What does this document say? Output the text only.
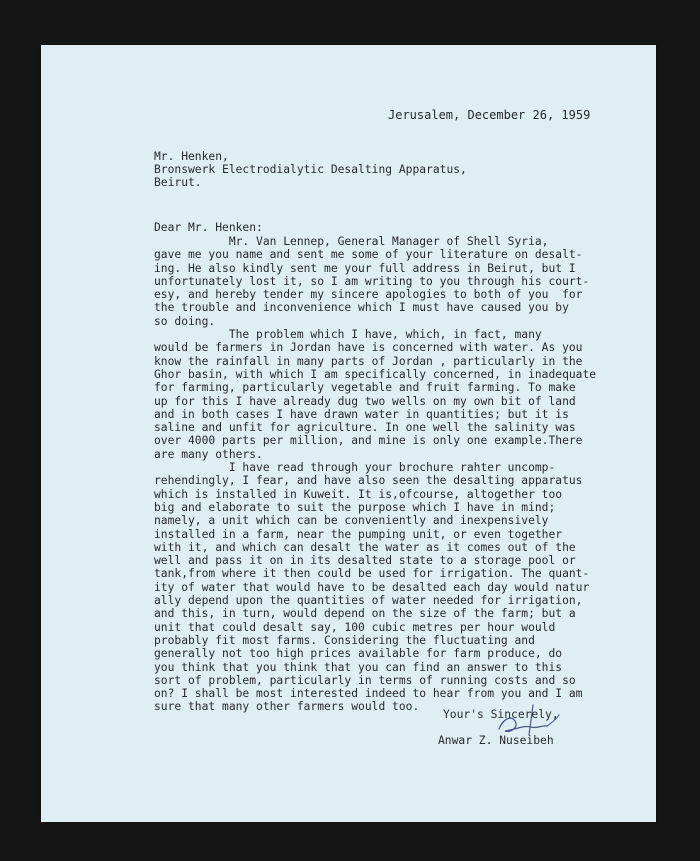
Jerusalem, December 26, 1959
Mr. Henken,
Bronswerk Electrodialytic Desalting Apparatus,
Beirut.
Dear Mr. Henken:
Mr. Van Lennep, General Manager of Shell Syria,
gave me you name and sent me some of your literature on desalt-
ing. He also kindly sent me your full address in Beirut, but I
unfortunately lost it, so I am writing to you through his court-
esy, and hereby tender my sincere apologies to both of you  for
the trouble and inconvenience which I must have caused you by
so doing.
The problem which I have, which, in fact, many
would be farmers in Jordan have is concerned with water. As you
know the rainfall in many parts of Jordan , particularly in the
Ghor basin, with which I am specifically concerned, in inadequate
for farming, particularly vegetable and fruit farming. To make
up for this I have already dug two wells on my own bit of land
and in both cases I have drawn water in quantities; but it is
saline and unfit for agriculture. In one well the salinity was
over 4000 parts per million, and mine is only one example.There
are many others.
I have read through your brochure rahter uncomp-
rehendingly, I fear, and have also seen the desalting apparatus
which is installed in Kuweit. It is,ofcourse, altogether too
big and elaborate to suit the purpose which I have in mind;
namely, a unit which can be conveniently and inexpensively
installed in a farm, near the pumping unit, or even together
with it, and which can desalt the water as it comes out of the
well and pass it on in its desalted state to a storage pool or
tank,from where it then could be used for irrigation. The quant-
ity of water that would have to be desalted each day would natur
ally depend upon the quantities of water needed for irrigation,
and this, in turn, would depend on the size of the farm; but a
unit that could desalt say, 100 cubic metres per hour would
probably fit most farms. Considering the fluctuating and
generally not too high prices available for farm produce, do
you think that you think that you can find an answer to this
sort of problem, particularly in terms of running costs and so
on? I shall be most interested indeed to hear from you and I am
sure that many other farmers would too.
Your's Sincerely,
Anwar Z. Nuseibeh
